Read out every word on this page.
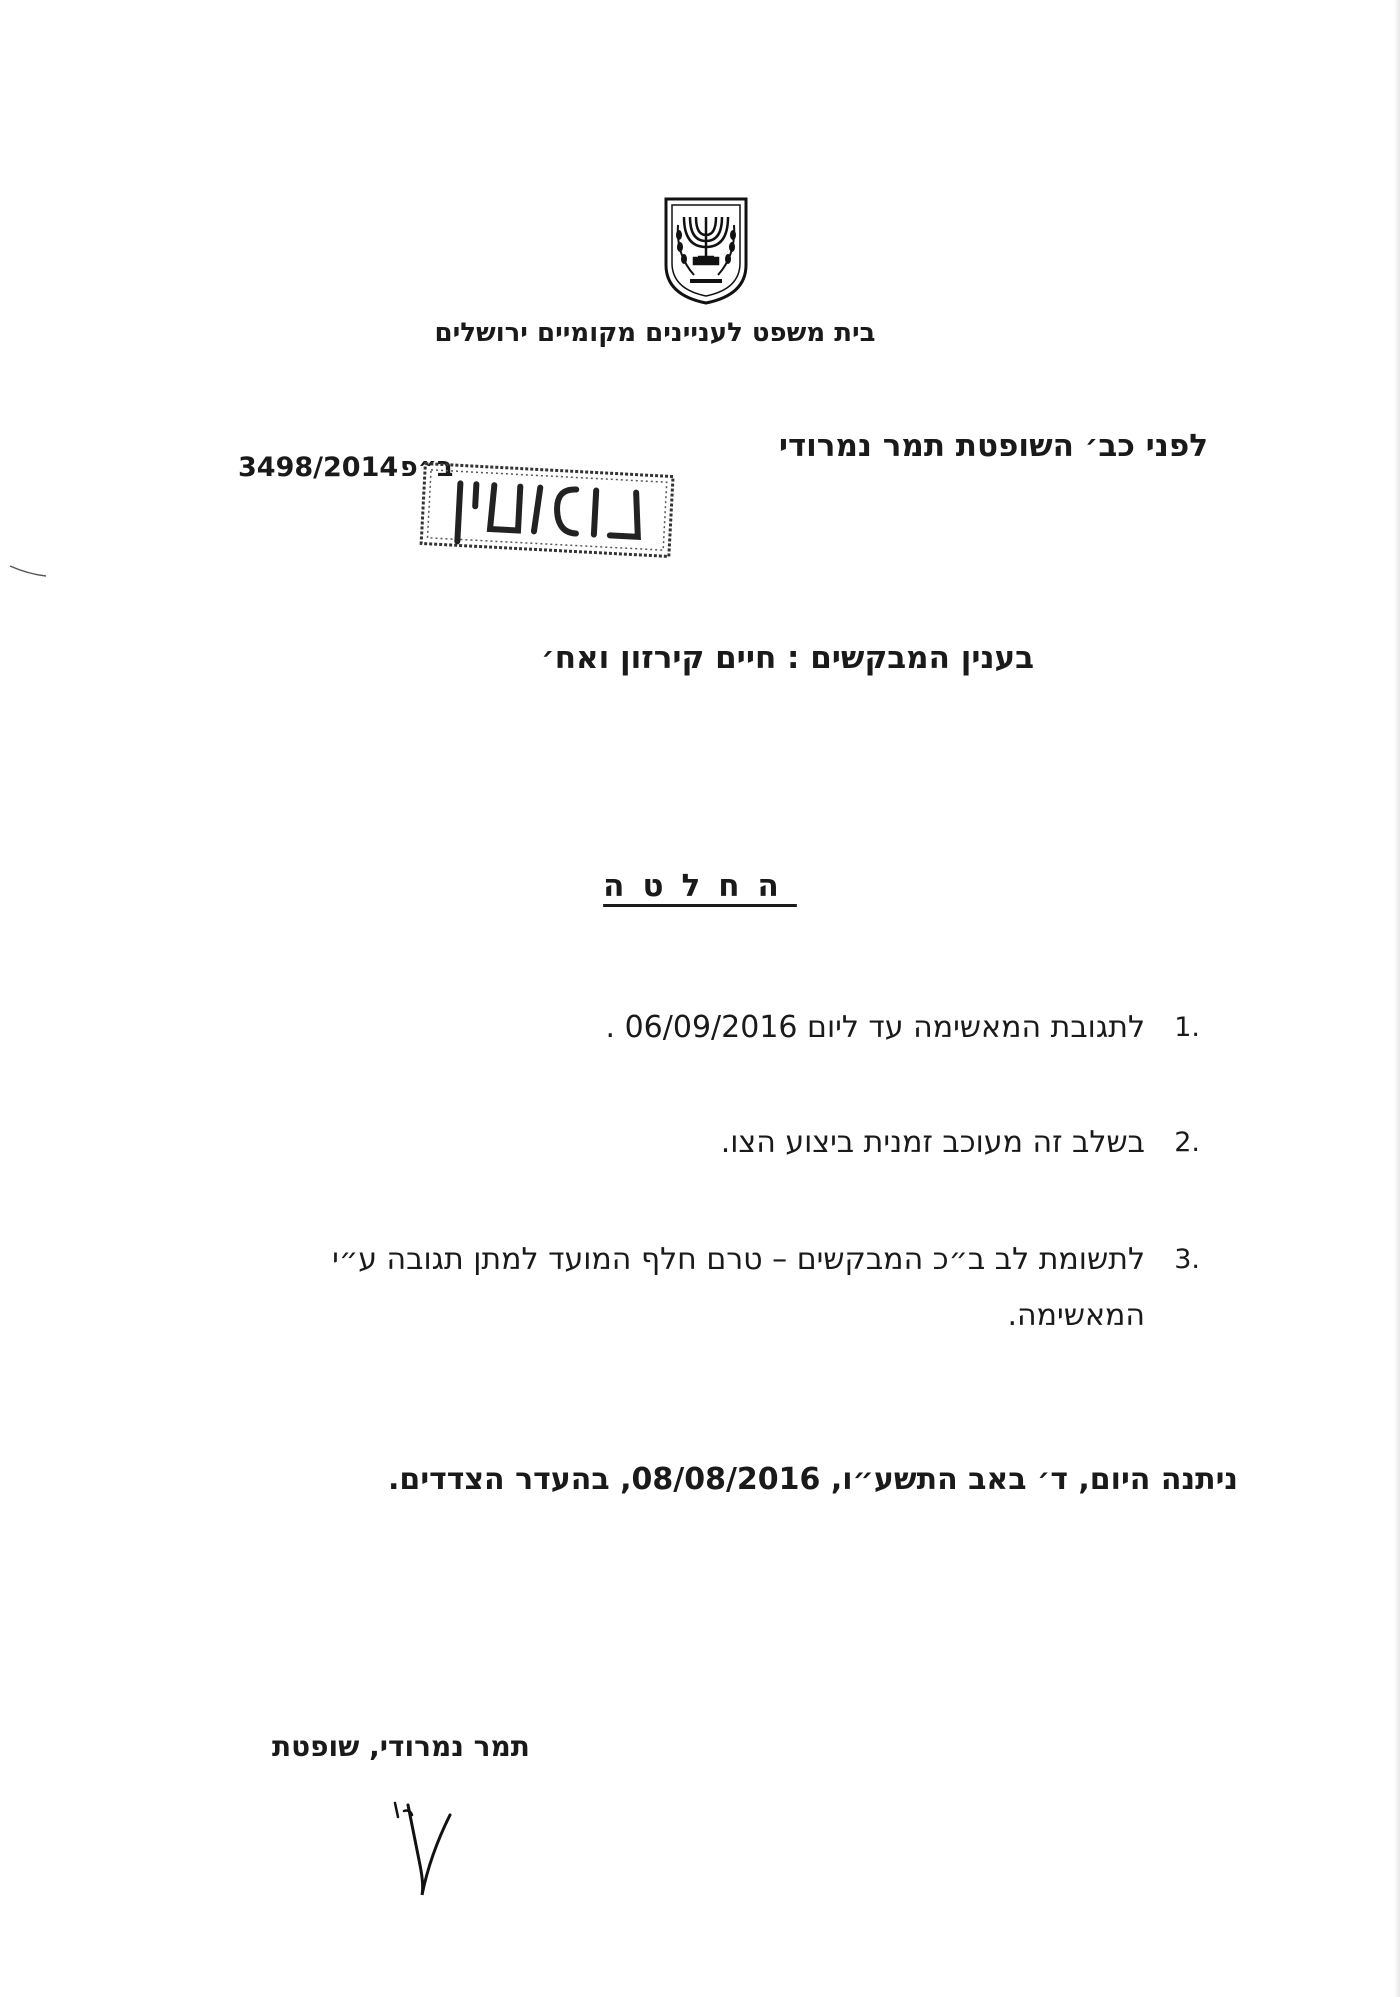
בית משפט לעניינים מקומיים ירושלים
לפני כב׳ השופטת תמר נמרודי
3498/2014 ב״פ
בענין המבקשים : חיים קירזון ואח׳
החלטה
1.
לתגובת המאשימה עד ליום 06/09/2016 .
2.
בשלב זה מעוכב זמנית ביצוע הצו.
3.
לתשומת לב ב״כ המבקשים – טרם חלף המועד למתן תגובה ע״י המאשימה.
ניתנה היום, ד׳ באב התשע״ו, 08/08/2016, בהעדר הצדדים.
תמר נמרודי, שופטת
